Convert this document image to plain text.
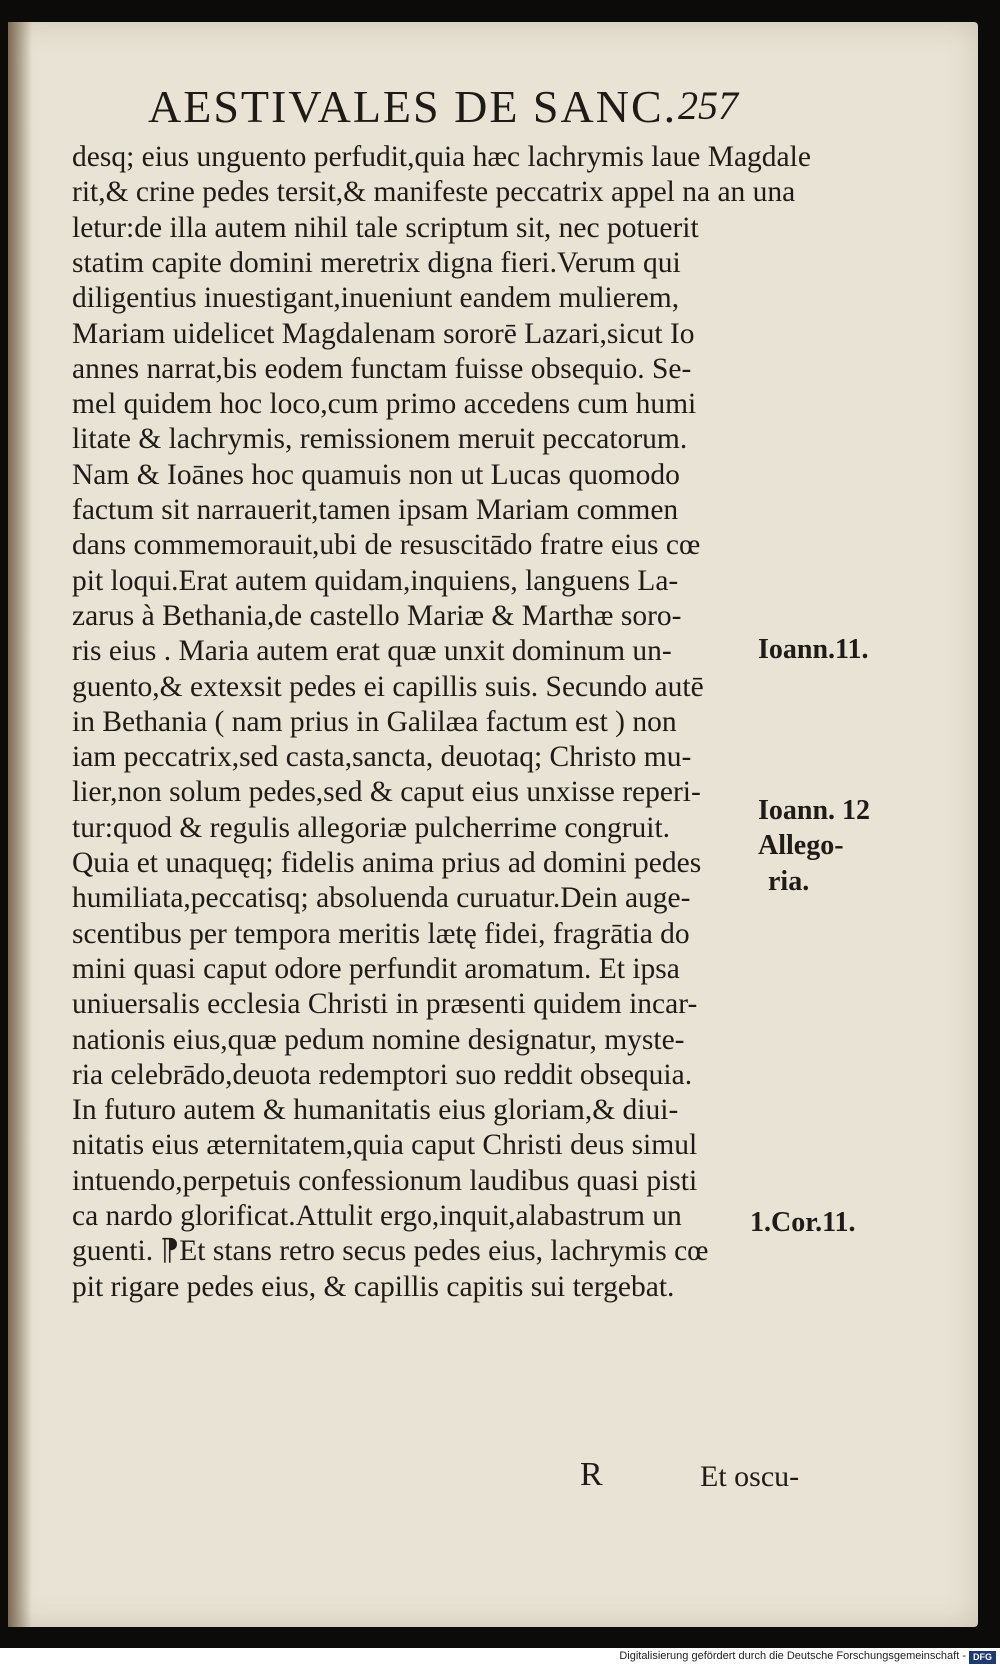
AESTIVALES DE SANC. 257
desq; eius unguento perfudit,quia hæc lachrymis laue Magdale
rit,& crine pedes tersit,& manifeste peccatrix appel na an una
letur:de illa autem nihil tale scriptum sit, nec potuerit
statim capite domini meretrix digna fieri.Verum qui
diligentius inuestigant,inueniunt eandem mulierem,
Mariam uidelicet Magdalenam sororē Lazari,sicut Io
annes narrat,bis eodem functam fuisse obsequio. Se-
mel quidem hoc loco,cum primo accedens cum humi
litate & lachrymis, remissionem meruit peccatorum.
Nam & Ioānes hoc quamuis non ut Lucas quomodo
factum sit narrauerit,tamen ipsam Mariam commen
dans commemorauit,ubi de resuscitādo fratre eius cœ
pit loqui.Erat autem quidam,inquiens, languens La-
zarus à Bethania,de castello Mariæ & Marthæ soro-
ris eius . Maria autem erat quæ unxit dominum un-
guento,& extexsit pedes ei capillis suis. Secundo autē
in Bethania ( nam prius in Galilæa factum est ) non
iam peccatrix,sed casta,sancta, deuotaq; Christo mu-
lier,non solum pedes,sed & caput eius unxisse reperi-
tur:quod & regulis allegoriæ pulcherrime congruit.
Quia et unaquęq; fidelis anima prius ad domini pedes
humiliata,peccatisq; absoluenda curuatur.Dein auge-
scentibus per tempora meritis lætę fidei, fragrātia do
mini quasi caput odore perfundit aromatum. Et ipsa
uniuersalis ecclesia Christi in præsenti quidem incar-
nationis eius,quæ pedum nomine designatur, myste-
ria celebrādo,deuota redemptori suo reddit obsequia.
In futuro autem & humanitatis eius gloriam,& diui-
nitatis eius æternitatem,quia caput Christi deus simul
intuendo,perpetuis confessionum laudibus quasi pisti
ca nardo glorificat.Attulit ergo,inquit,alabastrum un
guenti. ⁋Et stans retro secus pedes eius, lachrymis cœ
pit rigare pedes eius, & capillis capitis sui tergebat.
R	Et oscu-
Ioann.11.
Ioann. 12
Allego-
ria.
1.Cor.11.
Digitalisierung gefördert durch die Deutsche Forschungsgemeinschaft - DFG
